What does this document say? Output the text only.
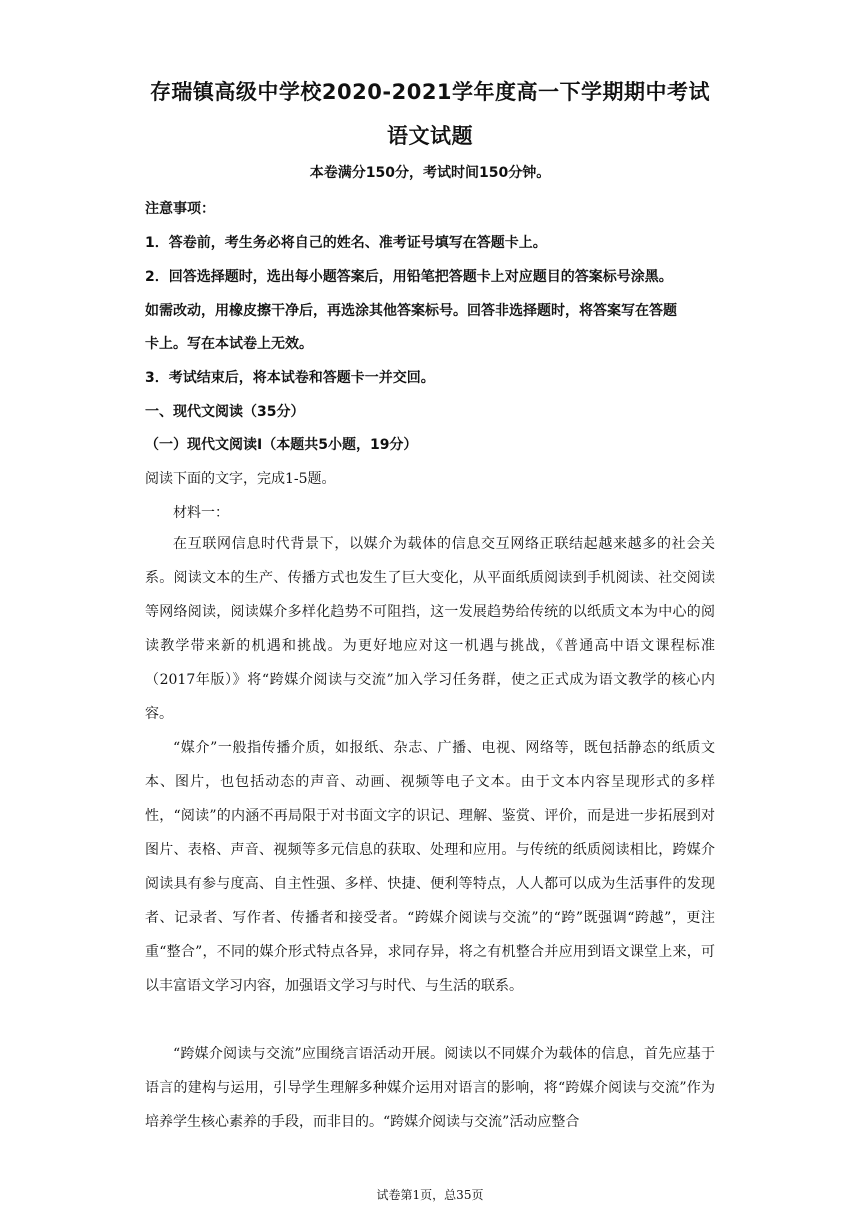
存瑞镇高级中学校2020-2021学年度高一下学期期中考试
语文试题
本卷满分150分，考试时间150分钟。
注意事项：
1．答卷前，考生务必将自己的姓名、准考证号填写在答题卡上。
2．回答选择题时，选出每小题答案后，用铅笔把答题卡上对应题目的答案标号涂黑。
如需改动，用橡皮擦干净后，再选涂其他答案标号。回答非选择题时，将答案写在答题
卡上。写在本试卷上无效。
3．考试结束后，将本试卷和答题卡一并交回。
一、现代文阅读（35分）
（一）现代文阅读Ⅰ（本题共5小题，19分）
阅读下面的文字，完成1-5题。
材料一：

在互联网信息时代背景下，以媒介为载体的信息交互网络正联结起越来越多的社会关系。阅读文本的生产、传播方式也发生了巨大变化，从平面纸质阅读到手机阅读、社交阅读等网络阅读，阅读媒介多样化趋势不可阻挡，这一发展趋势给传统的以纸质文本为中心的阅读教学带来新的机遇和挑战。为更好地应对这一机遇与挑战，《普通高中语文课程标准（2017年版）》将“跨媒介阅读与交流”加入学习任务群，使之正式成为语文教学的核心内容。

“媒介”一般指传播介质，如报纸、杂志、广播、电视、网络等，既包括静态的纸质文本、图片，也包括动态的声音、动画、视频等电子文本。由于文本内容呈现形式的多样性，“阅读”的内涵不再局限于对书面文字的识记、理解、鉴赏、评价，而是进一步拓展到对图片、表格、声音、视频等多元信息的获取、处理和应用。与传统的纸质阅读相比，跨媒介阅读具有参与度高、自主性强、多样、快捷、便利等特点，人人都可以成为生活事件的发现者、记录者、写作者、传播者和接受者。“跨媒介阅读与交流”的“跨”既强调“跨越”，更注重“整合”，不同的媒介形式特点各异，求同存异，将之有机整合并应用到语文课堂上来，可以丰富语文学习内容，加强语文学习与时代、与生活的联系。

“跨媒介阅读与交流”应围绕言语活动开展。阅读以不同媒介为载体的信息，首先应基于语言的建构与运用，引导学生理解多种媒介运用对语言的影响，将“跨媒介阅读与交流”作为培养学生核心素养的手段，而非目的。“跨媒介阅读与交流”活动应整合

试卷第1页，总35页
